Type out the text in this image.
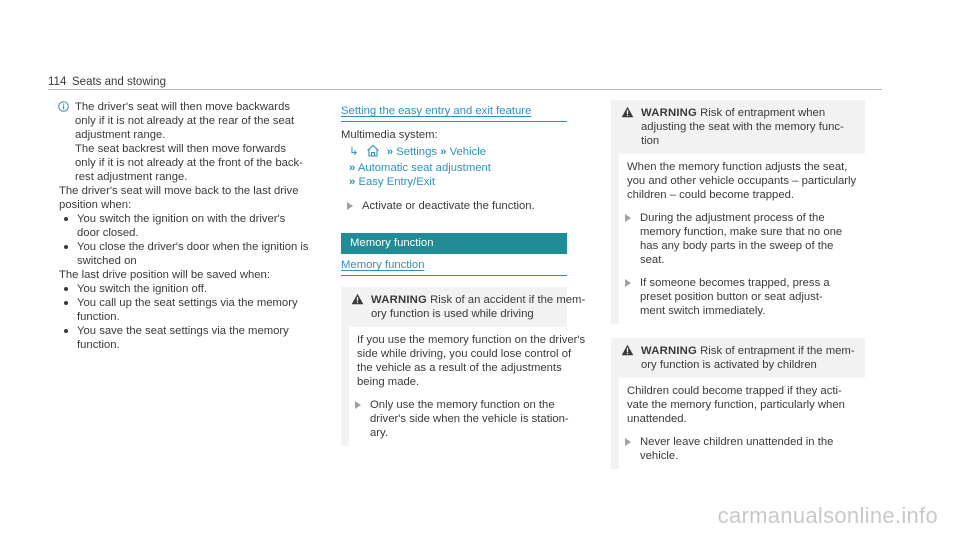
114 Seats and stowing
The driver's seat will then move backwards
only if it is not already at the rear of the seat
adjustment range.
The seat backrest will then move forwards
only if it is not already at the front of the back-
rest adjustment range.
The driver's seat will move back to the last drive
position when:
You switch the ignition on with the driver's
door closed.
You close the driver's door when the ignition is
switched on
The last drive position will be saved when:
You switch the ignition off.
You call up the seat settings via the memory
function.
You save the seat settings via the memory
function.
Setting the easy entry and exit feature
Multimedia system:
↳	» Settings » Vehicle
» Automatic seat adjustment
» Easy Entry/Exit
Activate or deactivate the function.
Memory function
Memory function
WARNING Risk of an accident if the mem-
ory function is used while driving
If you use the memory function on the driver's
side while driving, you could lose control of
the vehicle as a result of the adjustments
being made.
Only use the memory function on the
driver's side when the vehicle is station-
ary.
WARNING Risk of entrapment when
adjusting the seat with the memory func-
tion
When the memory function adjusts the seat,
you and other vehicle occupants – particularly
children – could become trapped.
During the adjustment process of the
memory function, make sure that no one
has any body parts in the sweep of the
seat.
If someone becomes trapped, press a
preset position button or seat adjust-
ment switch immediately.
WARNING Risk of entrapment if the mem-
ory function is activated by children
Children could become trapped if they acti-
vate the memory function, particularly when
unattended.
Never leave children unattended in the
vehicle.
carmanualsonline.info
